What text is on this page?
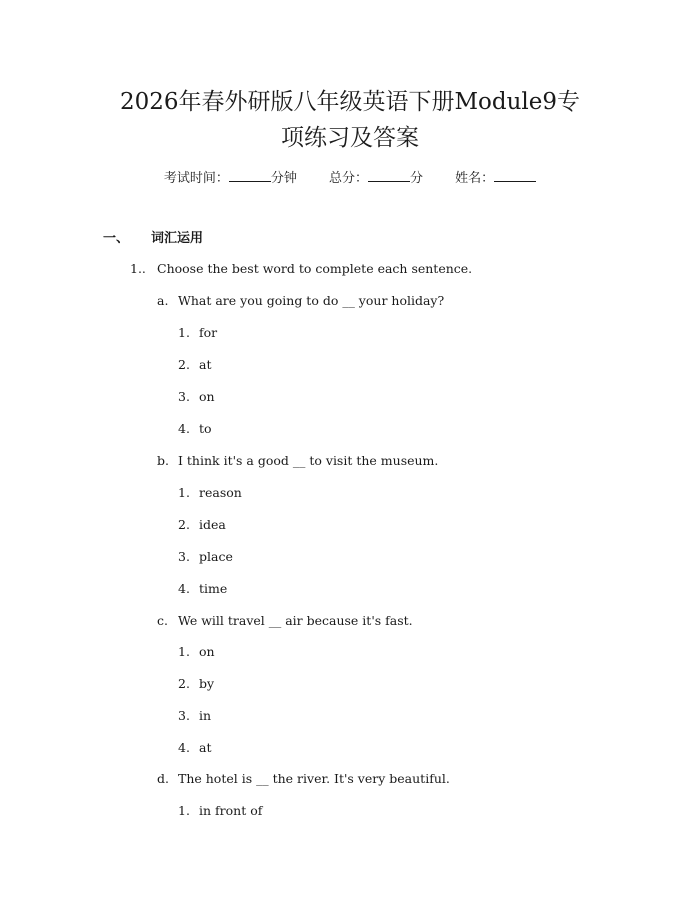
2026年春外研版八年级英语下册Module9专
项练习及答案
考试时间：	分钟 总分：	分 姓名：
一、 词汇运用
1.. Choose the best word to complete each sentence.
a. What are you going to do __ your holiday?
1. for
2. at
3. on
4. to
b. I think it's a good __ to visit the museum.
1. reason
2. idea
3. place
4. time
c. We will travel __ air because it's fast.
1. on
2. by
3. in
4. at
d. The hotel is __ the river. It's very beautiful.
1. in front of
